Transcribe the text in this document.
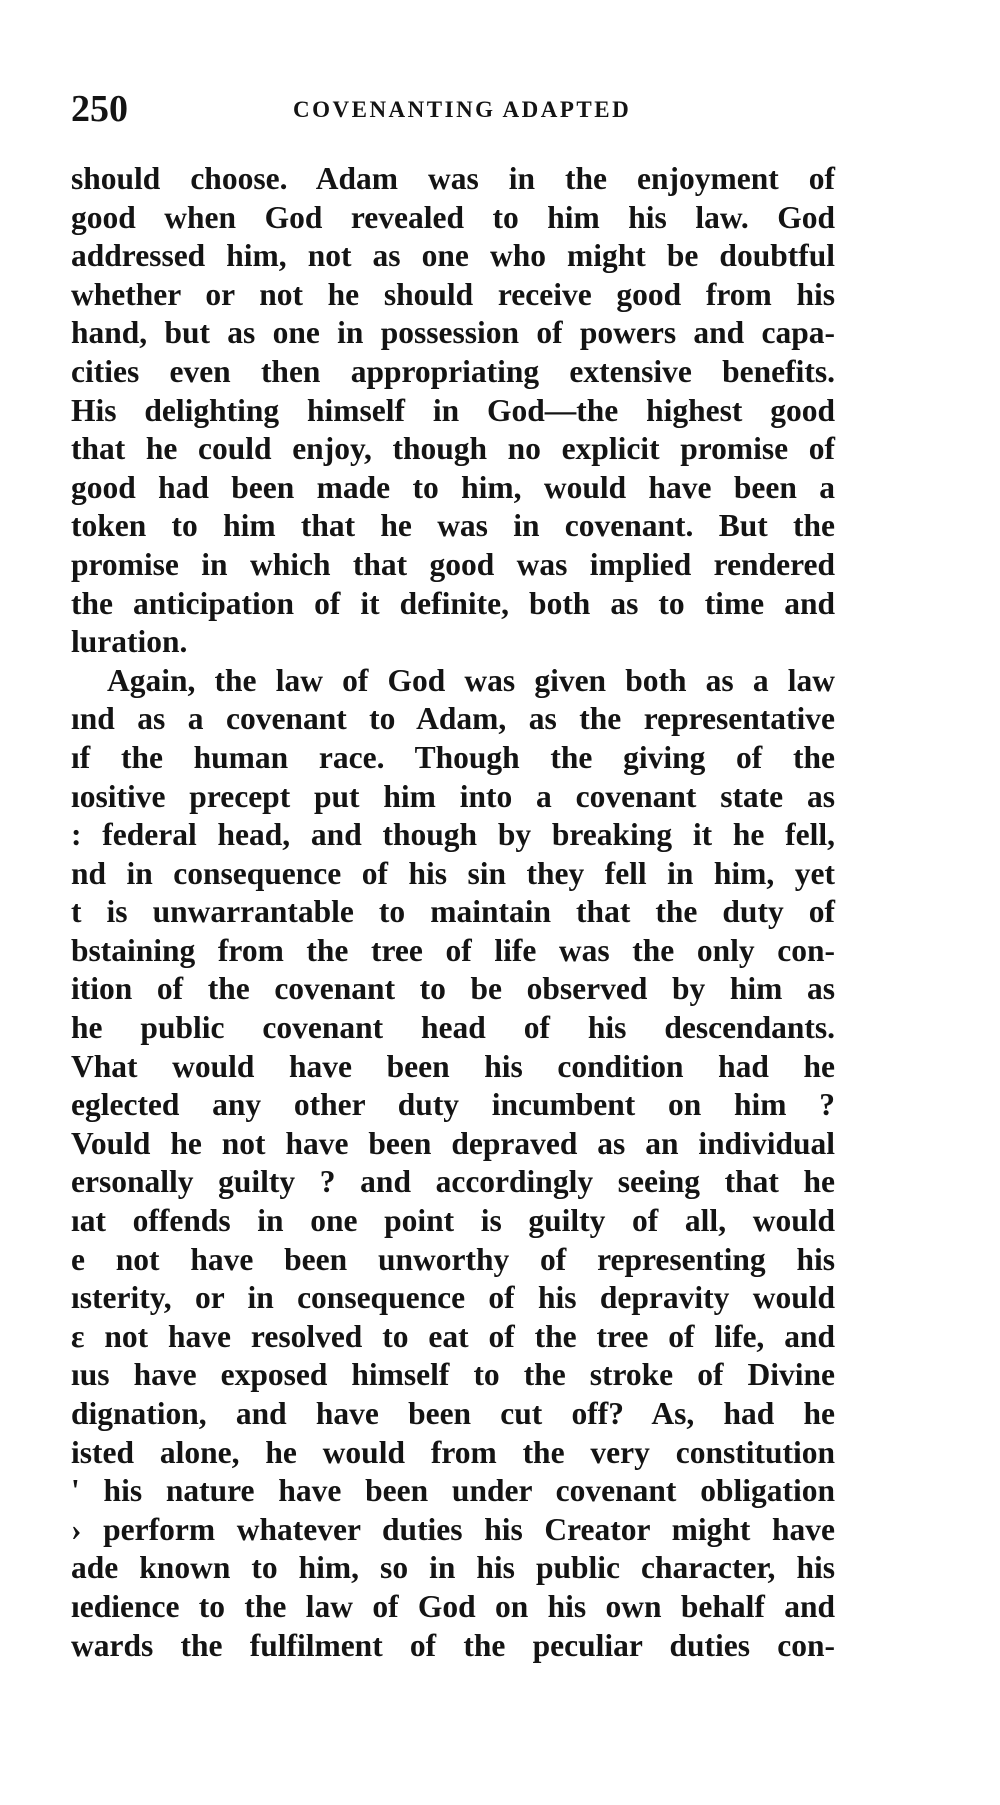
250	COVENANTING ADAPTED
should choose. Adam was in the enjoyment of
good when God revealed to him his law. God
addressed him, not as one who might be doubtful
whether or not he should receive good from his
hand, but as one in possession of powers and capa-
cities even then appropriating extensive benefits.
His delighting himself in God—the highest good
that he could enjoy, though no explicit promise of
good had been made to him, would have been a
token to him that he was in covenant. But the
promise in which that good was implied rendered
the anticipation of it definite, both as to time and
luration.
Again, the law of God was given both as a law
ınd as a covenant to Adam, as the representative
ıf the human race. Though the giving of the
ıositive precept put him into a covenant state as
: federal head, and though by breaking it he fell,
nd in consequence of his sin they fell in him, yet
t is unwarrantable to maintain that the duty of
bstaining from the tree of life was the only con-
ition of the covenant to be observed by him as
he public covenant head of his descendants.
Vhat would have been his condition had he
eglected any other duty incumbent on him ?
Vould he not have been depraved as an individual
ersonally guilty ? and accordingly seeing that he
ıat offends in one point is guilty of all, would
e not have been unworthy of representing his
ısterity, or in consequence of his depravity would
ε not have resolved to eat of the tree of life, and
ıus have exposed himself to the stroke of Divine
dignation, and have been cut off? As, had he
isted alone, he would from the very constitution
' his nature have been under covenant obligation
› perform whatever duties his Creator might have
ade known to him, so in his public character, his
ıedience to the law of God on his own behalf and
wards the fulfilment of the peculiar duties con-
